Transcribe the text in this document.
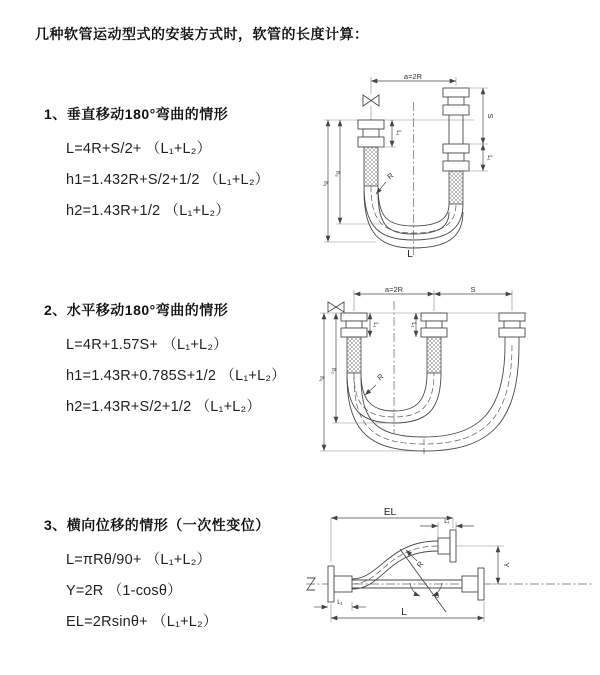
几种软管运动型式的安装方式时，软管的长度计算：
1、垂直移动180°弯曲的情形
L=4R+S/2+ （L₁+L₂）
h1=1.432R+S/2+1/2 （L₁+L₂）
h2=1.43R+1/2 （L₁+L₂）
2、水平移动180°弯曲的情形
L=4R+1.57S+ （L₁+L₂）
h1=1.43R+0.785S+1/2 （L₁+L₂）
h2=1.43R+S/2+1/2 （L₁+L₂）
3、横向位移的情形（一次性变位）
L=πRθ/90+ （L₁+L₂）
Y=2R （1-cosθ）
EL=2Rsinθ+ （L₁+L₂）
a=2R
S
L₁
L₁
h₁
h₂	R
L
a=2R	S
L₁	L₁
h₁
h₂
R
EL
L₁
Y
R
θ
L₁
L
